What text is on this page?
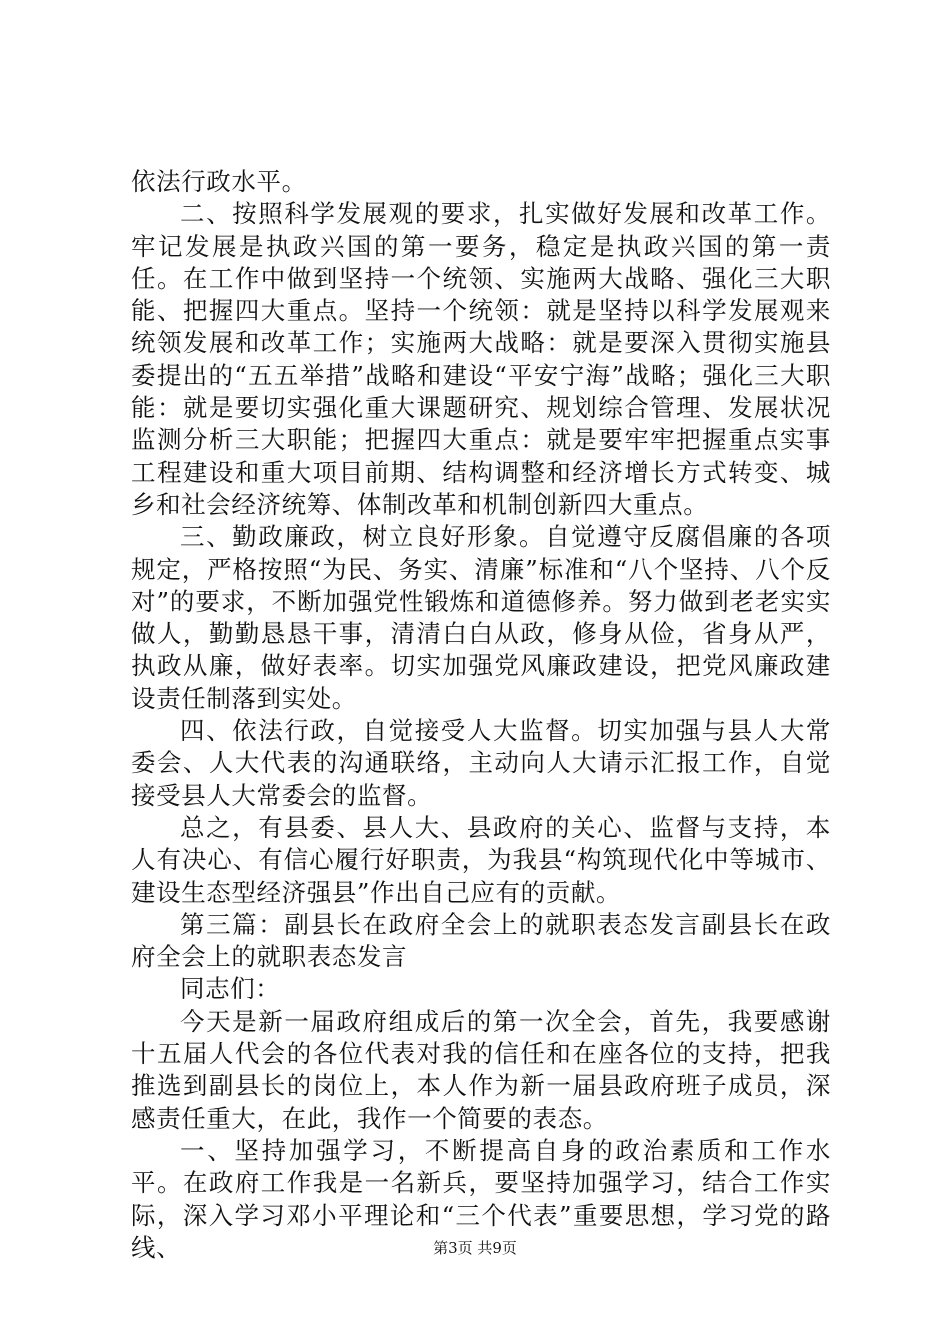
依法行政水平。

二、按照科学发展观的要求，扎实做好发展和改革工作。牢记发展是执政兴国的第一要务，稳定是执政兴国的第一责任。在工作中做到坚持一个统领、实施两大战略、强化三大职能、把握四大重点。坚持一个统领：就是坚持以科学发展观来统领发展和改革工作；实施两大战略：就是要深入贯彻实施县委提出的“五五举措”战略和建设“平安宁海”战略；强化三大职能：就是要切实强化重大课题研究、规划综合管理、发展状况监测分析三大职能；把握四大重点：就是要牢牢把握重点实事工程建设和重大项目前期、结构调整和经济增长方式转变、城乡和社会经济统筹、体制改革和机制创新四大重点。

三、勤政廉政，树立良好形象。自觉遵守反腐倡廉的各项规定，严格按照“为民、务实、清廉”标准和“八个坚持、八个反对”的要求，不断加强党性锻炼和道德修养。努力做到老老实实做人，勤勤恳恳干事，清清白白从政，修身从俭，省身从严，执政从廉，做好表率。切实加强党风廉政建设，把党风廉政建设责任制落到实处。

四、依法行政，自觉接受人大监督。切实加强与县人大常委会、人大代表的沟通联络，主动向人大请示汇报工作，自觉接受县人大常委会的监督。

总之，有县委、县人大、县政府的关心、监督与支持，本人有决心、有信心履行好职责，为我县“构筑现代化中等城市、建设生态型经济强县”作出自己应有的贡献。

第三篇：副县长在政府全会上的就职表态发言副县长在政府全会上的就职表态发言

同志们：

今天是新一届政府组成后的第一次全会，首先，我要感谢十五届人代会的各位代表对我的信任和在座各位的支持，把我推选到副县长的岗位上，本人作为新一届县政府班子成员，深感责任重大，在此，我作一个简要的表态。

一、坚持加强学习，不断提高自身的政治素质和工作水平。在政府工作我是一名新兵，要坚持加强学习，结合工作实际，深入学习邓小平理论和“三个代表”重要思想，学习党的路线、	第3页 共9页
